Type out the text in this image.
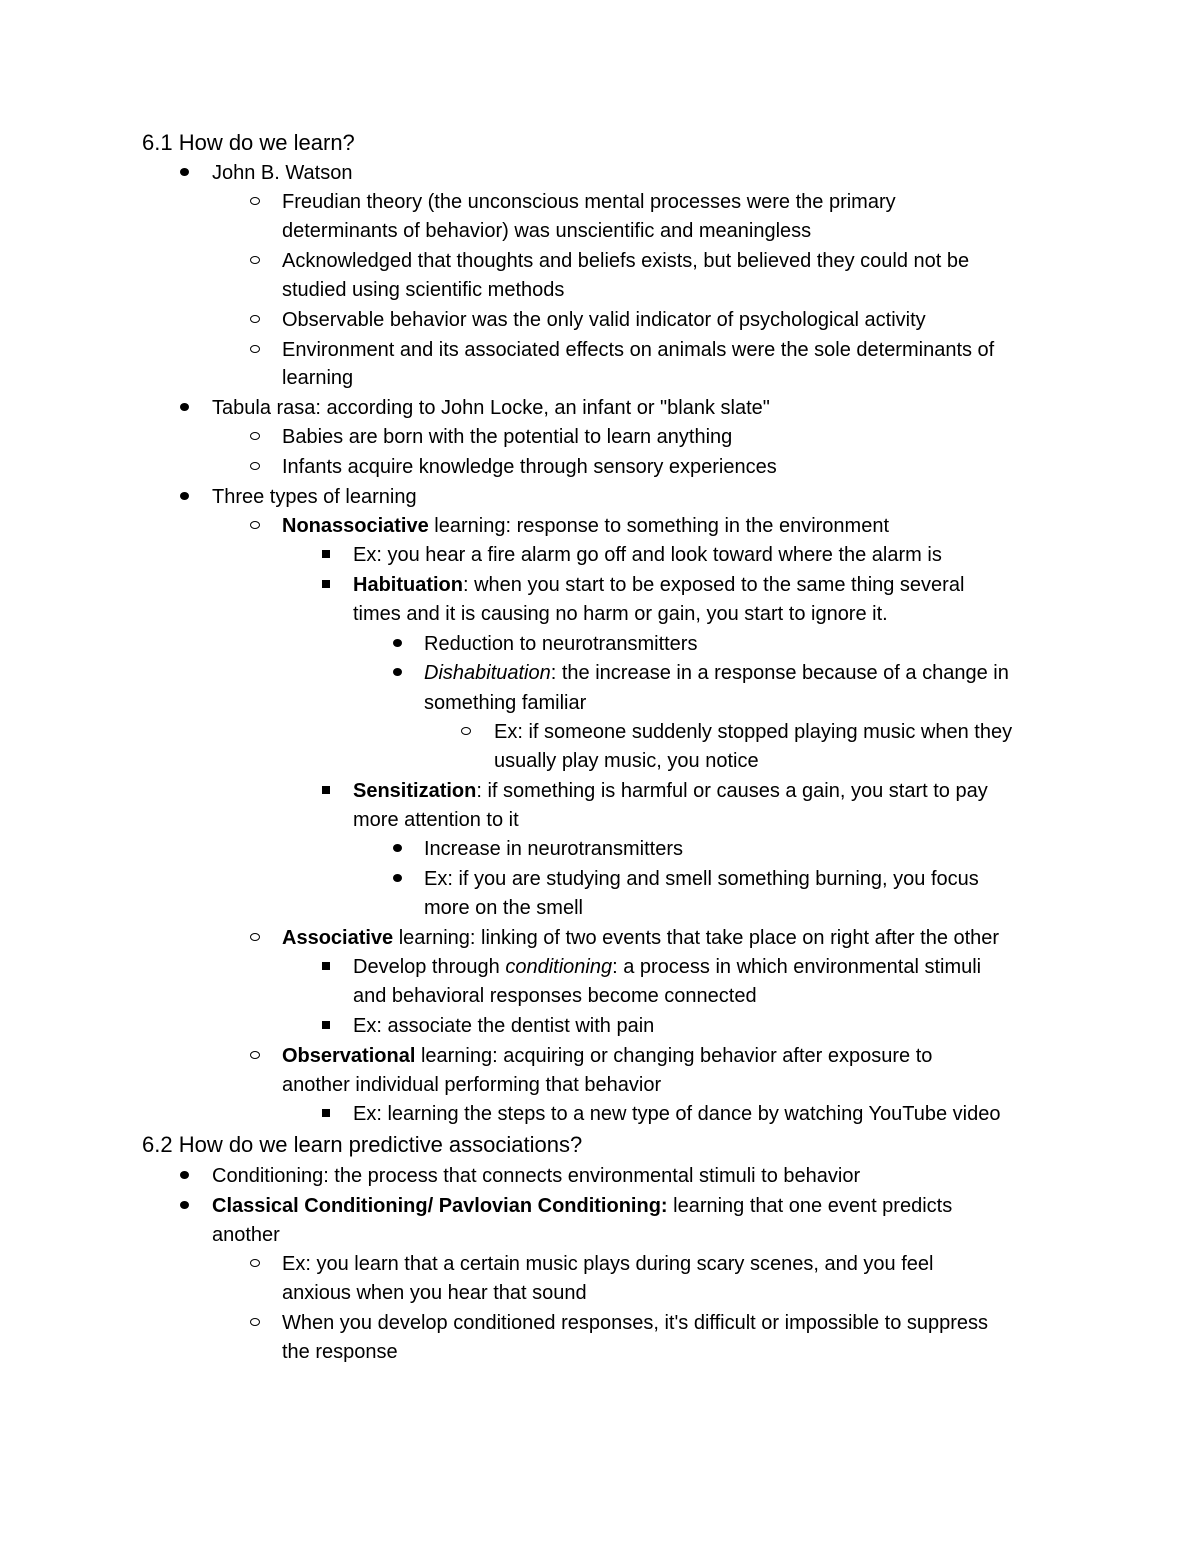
6.1 How do we learn?
John B. Watson
Freudian theory (the unconscious mental processes were the primary
determinants of behavior) was unscientific and meaningless
Acknowledged that thoughts and beliefs exists, but believed they could not be
studied using scientific methods
Observable behavior was the only valid indicator of psychological activity
Environment and its associated effects on animals were the sole determinants of
learning
Tabula rasa: according to John Locke, an infant or "blank slate"
Babies are born with the potential to learn anything
Infants acquire knowledge through sensory experiences
Three types of learning
Nonassociative learning: response to something in the environment
Ex: you hear a fire alarm go off and look toward where the alarm is
Habituation: when you start to be exposed to the same thing several
times and it is causing no harm or gain, you start to ignore it.
Reduction to neurotransmitters
Dishabituation: the increase in a response because of a change in
something familiar
Ex: if someone suddenly stopped playing music when they
usually play music, you notice
Sensitization: if something is harmful or causes a gain, you start to pay
more attention to it
Increase in neurotransmitters
Ex: if you are studying and smell something burning, you focus
more on the smell
Associative learning: linking of two events that take place on right after the other
Develop through conditioning: a process in which environmental stimuli
and behavioral responses become connected
Ex: associate the dentist with pain
Observational learning: acquiring or changing behavior after exposure to
another individual performing that behavior
Ex: learning the steps to a new type of dance by watching YouTube video
6.2 How do we learn predictive associations?
Conditioning: the process that connects environmental stimuli to behavior
Classical Conditioning/ Pavlovian Conditioning: learning that one event predicts
another
Ex: you learn that a certain music plays during scary scenes, and you feel
anxious when you hear that sound
When you develop conditioned responses, it's difficult or impossible to suppress
the response
